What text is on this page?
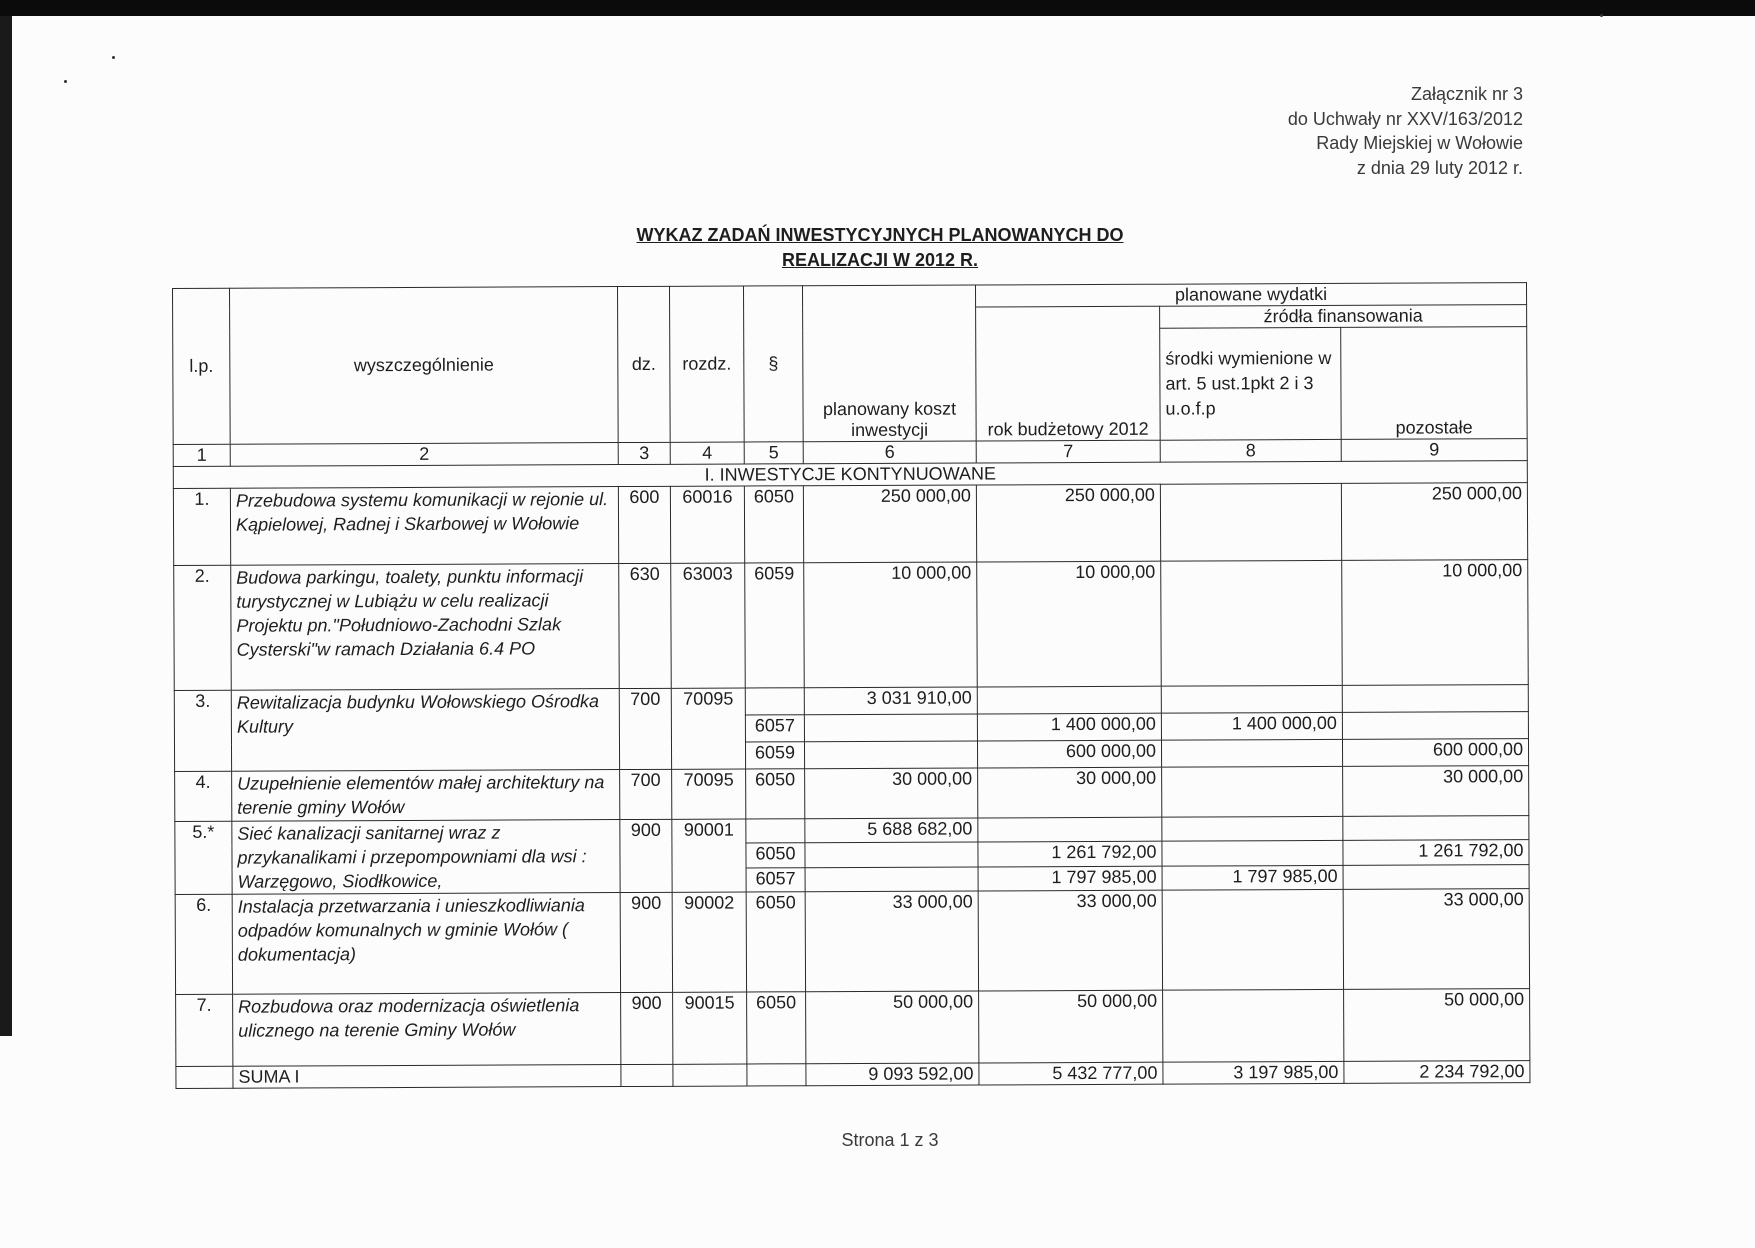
Załącznik nr 3
do Uchwały nr XXV/163/2012
Rady Miejskiej w Wołowie
z dnia 29 luty 2012 r.
WYKAZ ZADAŃ INWESTYCYJNYCH PLANOWANYCH DO
REALIZACJI W 2012 R.
l.p.	wyszczególnienie	dz.	rozdz.	§	planowany koszt inwestycji	planowane wydatki		
						rok budżetowy 2012	źródła finansowania	
							środki wymienione w art. 5 ust.1pkt 2 i 3 u.o.f.p	pozostałe
1	2	3	4	5	6	7	8	9
I. INWESTYCJE KONTYNUOWANE								
1.	Przebudowa systemu komunikacji w rejonie ul. Kąpielowej, Radnej i Skarbowej w Wołowie	600	60016	6050	250 000,00	250 000,00		250 000,00
2.	Budowa parkingu, toalety, punktu informacji turystycznej w Lubiążu w celu realizacji Projektu pn."Południowo-Zachodni Szlak Cysterski"w ramach Działania 6.4 PO	630	63003	6059	10 000,00	10 000,00		10 000,00
3.	Rewitalizacja budynku Wołowskiego Ośrodka Kultury	700	70095		3 031 910,00			
				6057		1 400 000,00	1 400 000,00	
				6059		600 000,00		600 000,00
4.	Uzupełnienie elementów małej architektury na terenie gminy Wołów	700	70095	6050	30 000,00	30 000,00		30 000,00
5.*	Sieć kanalizacji sanitarnej wraz z przykanalikami i przepompowniami dla wsi : Warzęgowo, Siodłkowice,	900	90001		5 688 682,00			
				6050		1 261 792,00		1 261 792,00
				6057		1 797 985,00	1 797 985,00	
6.	Instalacja przetwarzania i unieszkodliwiania odpadów komunalnych w gminie Wołów ( dokumentacja)	900	90002	6050	33 000,00	33 000,00		33 000,00
7.	Rozbudowa oraz modernizacja oświetlenia ulicznego na terenie Gminy Wołów	900	90015	6050	50 000,00	50 000,00		50 000,00
	SUMA I				9 093 592,00	5 432 777,00	3 197 985,00	2 234 792,00
Strona 1 z 3
